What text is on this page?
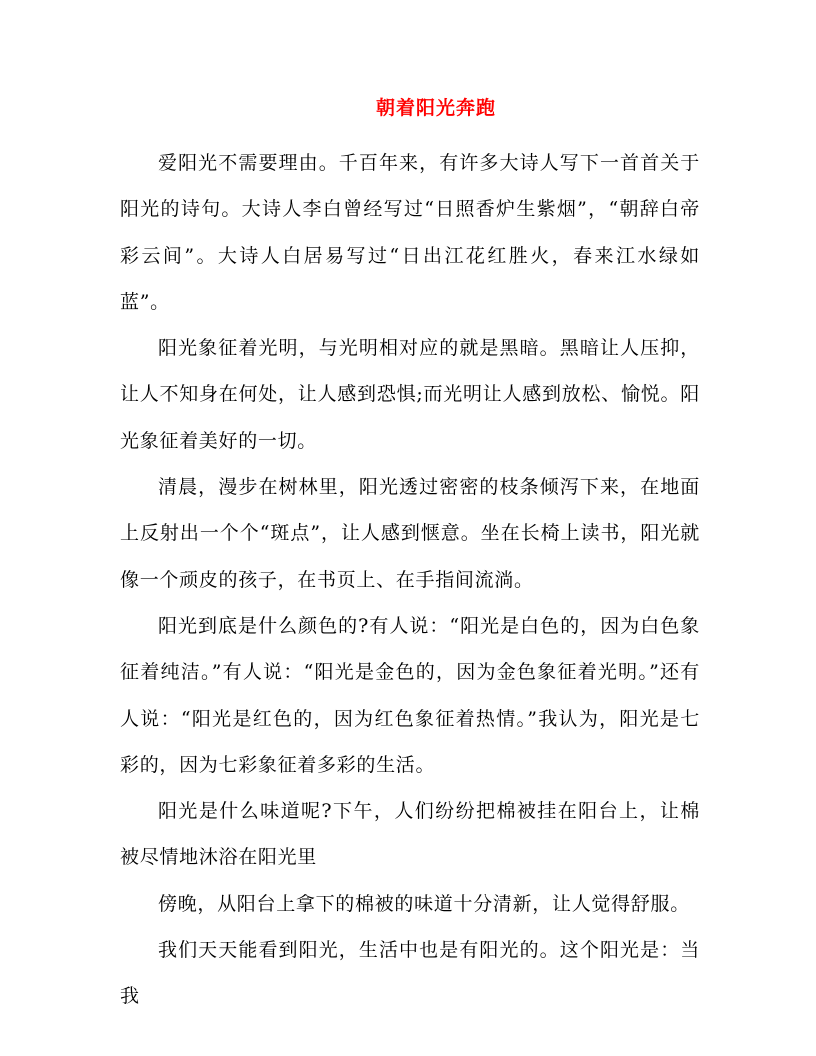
朝着阳光奔跑

爱阳光不需要理由。千百年来，有许多大诗人写下一首首关于阳光的诗句。大诗人李白曾经写过“日照香炉生紫烟”，“朝辞白帝彩云间”。大诗人白居易写过“日出江花红胜火，春来江水绿如蓝”。

阳光象征着光明，与光明相对应的就是黑暗。黑暗让人压抑，让人不知身在何处，让人感到恐惧;而光明让人感到放松、愉悦。阳光象征着美好的一切。

清晨，漫步在树林里，阳光透过密密的枝条倾泻下来，在地面上反射出一个个“斑点”，让人感到惬意。坐在长椅上读书，阳光就像一个顽皮的孩子，在书页上、在手指间流淌。

阳光到底是什么颜色的?有人说：“阳光是白色的，因为白色象征着纯洁。”有人说：“阳光是金色的，因为金色象征着光明。”还有人说：“阳光是红色的，因为红色象征着热情。”我认为，阳光是七彩的，因为七彩象征着多彩的生活。

阳光是什么味道呢?下午，人们纷纷把棉被挂在阳台上，让棉被尽情地沐浴在阳光里

傍晚，从阳台上拿下的棉被的味道十分清新，让人觉得舒服。

我们天天能看到阳光，生活中也是有阳光的。这个阳光是：当我
